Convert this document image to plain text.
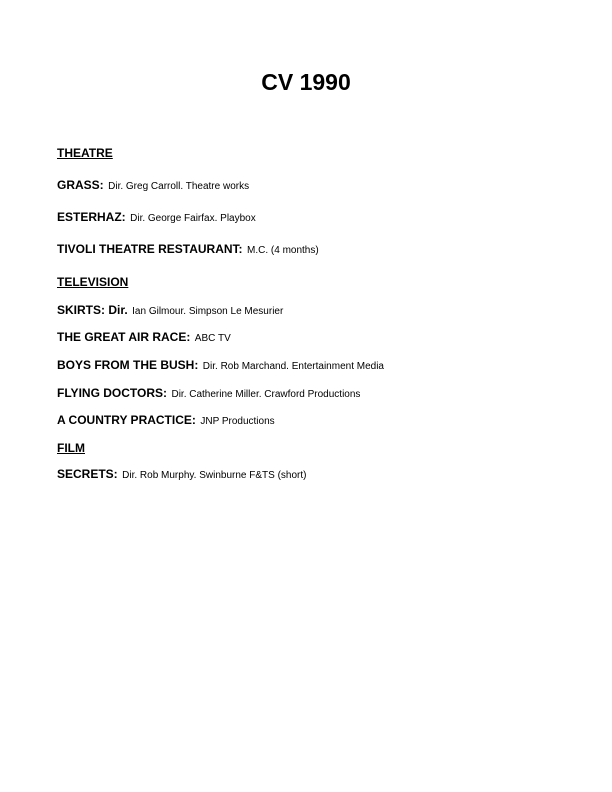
CV 1990
THEATRE
GRASS: Dir. Greg Carroll. Theatre works
ESTERHAZ: Dir. George Fairfax. Playbox
TIVOLI THEATRE RESTAURANT: M.C. (4 months)
TELEVISION
SKIRTS: Dir. Ian Gilmour. Simpson Le Mesurier
THE GREAT AIR RACE: ABC TV
BOYS FROM THE BUSH: Dir. Rob Marchand. Entertainment Media
FLYING DOCTORS: Dir. Catherine Miller. Crawford Productions
A COUNTRY PRACTICE: JNP Productions
FILM
SECRETS: Dir. Rob Murphy. Swinburne F&TS (short)
